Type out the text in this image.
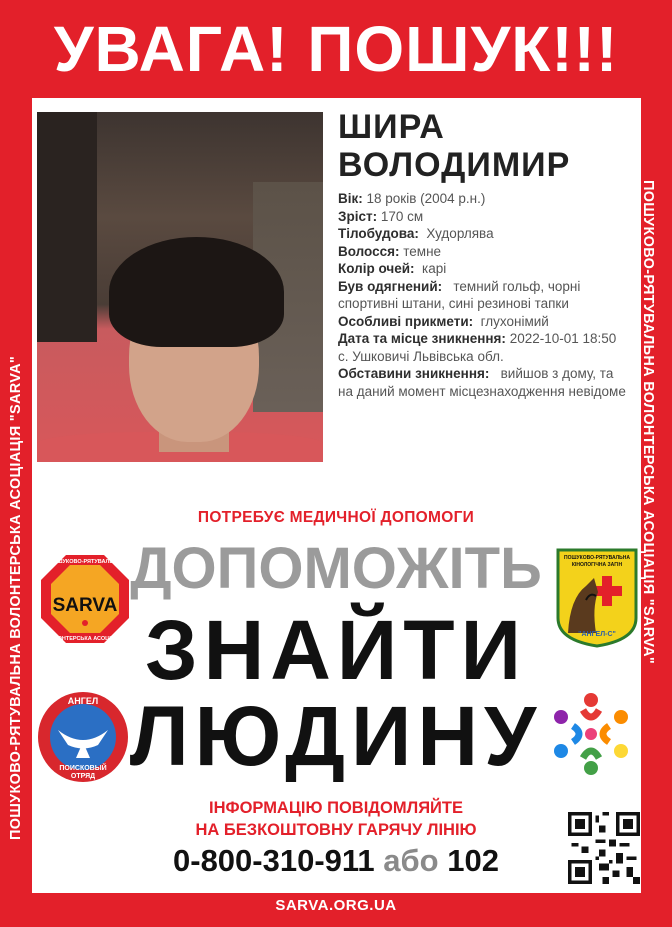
УВАГА! ПОШУК!!!
ПОШУКОВО-РЯТУВАЛЬНА ВОЛОНТЕРСЬКА АСОЦІАЦІЯ "SARVA"	ПОШУКОВО-РЯТУВАЛЬНА ВОЛОНТЕРСЬКА АСОЦІАЦІЯ "SARVA"
ШИРА
ВОЛОДИМИР
Вік: 18 років (2004 р.н.)
Зріст: 170 см
Тілобудова:  Худорлява
Волосся: темне
Колір очей:  карі
Був одягнений:   темний гольф, чорні спортивні штани, сині резинові тапки
Особливі прикмети:  глухонімий
Дата та місце зникнення: 2022-10-01 18:50 с. Ушковичі Львівська обл.
Обставини зникнення:   вийшов з дому, та на даний момент місцезнаходження невідоме
ПОТРЕБУЄ МЕДИЧНОЇ ДОПОМОГИ
ДОПОМОЖІТЬ
ЗНАЙТИ
ЛЮДИНУ
SARVA
ПОШУКОВО-РЯТУВАЛЬНА
ВОЛОНТЕРСЬКА АСОЦІАЦІЯ
АНГЕЛ
ПОИСКОВЫЙ
ОТРЯД
ПОШУКОВО-РЯТУВАЛЬНА
КІНОЛОГІЧНА ЗАГІН
"АНГЕЛ-С"
ІНФОРМАЦІЮ ПОВІДОМЛЯЙТЕ
НА БЕЗКОШТОВНУ ГАРЯЧУ ЛІНІЮ
0-800-310-911 або 102
SARVA.ORG.UA
